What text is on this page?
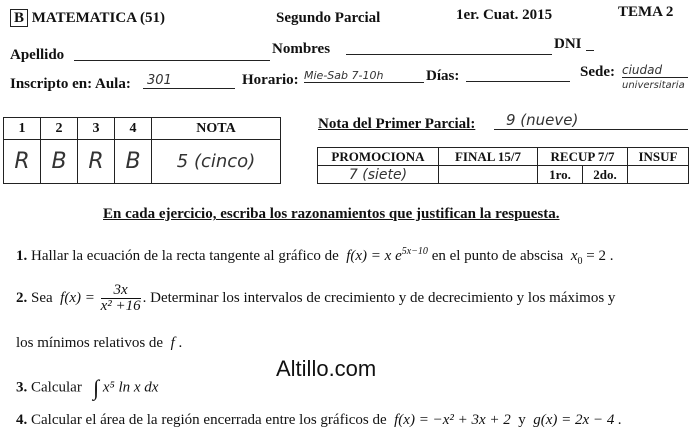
B MATEMATICA (51)	Segundo Parcial	1er. Cuat. 2015	TEMA 2
Apellido	Nombres	DNI
Inscripto en: Aula:	301	Horario: Mie-Sab 7-10h	Días:	Sede: ciudad
universitaria
1	2	3	4	NOTA
R	B	R	B	5 (cinco)
Nota del Primer Parcial:	9 (nueve)
PROMOCIONA	FINAL 15/7	RECUP 7/7		INSUF
7 (siete)		1ro.	2do.	
En cada ejercicio, escriba los razonamientos que justifican la respuesta.
1. Hallar la ecuación de la recta tangente al gráfico de f(x) = x $e^{5x-10}$ en el punto de abscisa $x_0 = 2$ .
2. Sea $f(x) = \frac{3x}{\text{x² +16}}$ . Determinar los intervalos de crecimiento y de decrecimiento y los máximos y
los mínimos relativos de f .
Altillo.com
3. Calcular ∫ x⁵ ln x dx
4. Calcular el área de la región encerrada entre los gráficos de f(x) = −x² + 3x + 2 y g(x) = 2x − 4 .
